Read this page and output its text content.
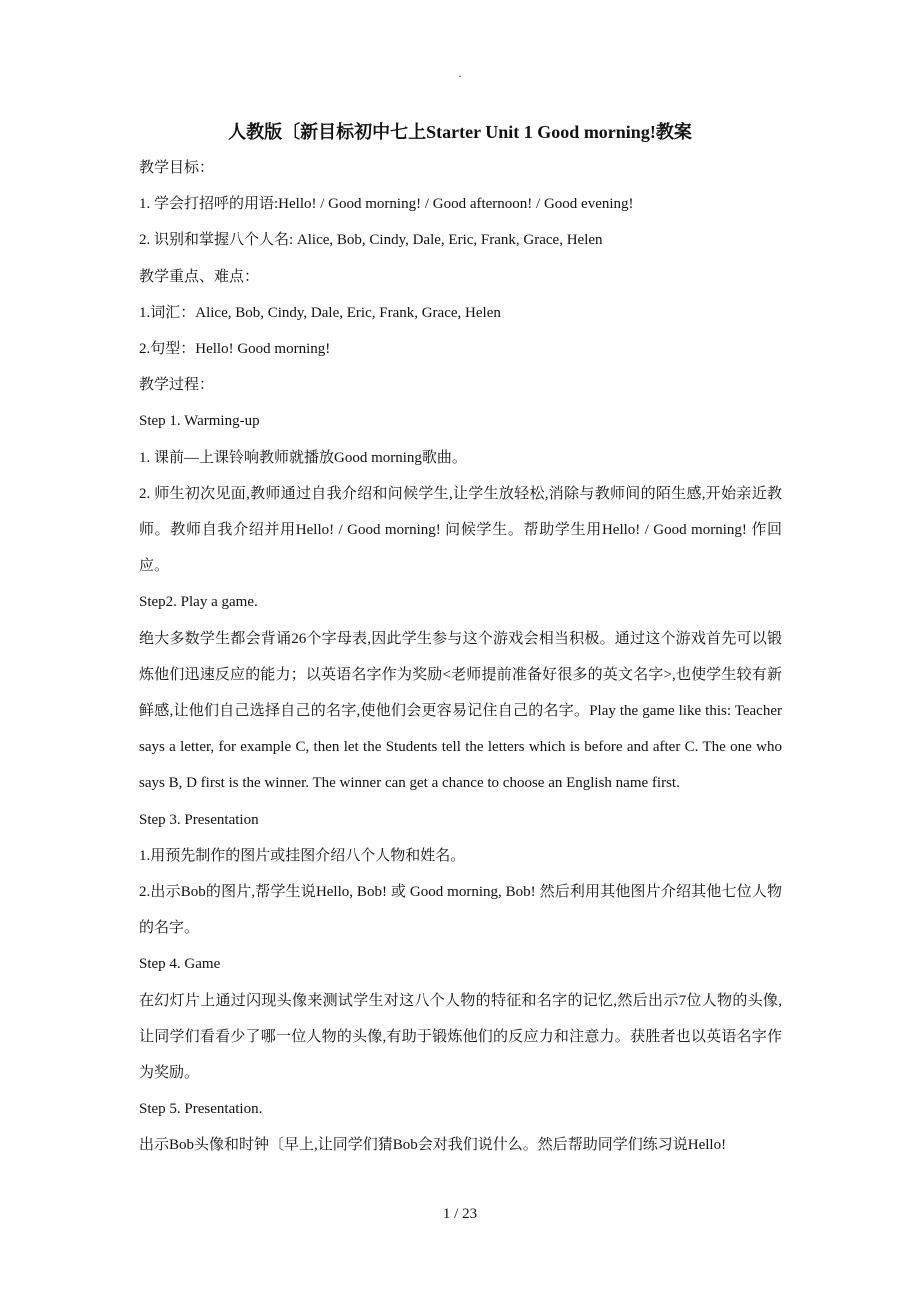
.
人教版〔新目标初中七上Starter Unit 1 Good morning!教案

教学目标：

1. 学会打招呼的用语:Hello! / Good morning! / Good afternoon! / Good evening!

2. 识别和掌握八个人名: Alice, Bob, Cindy, Dale, Eric, Frank, Grace, Helen

教学重点、难点：

1.词汇：Alice, Bob, Cindy, Dale, Eric, Frank, Grace, Helen

2.句型：Hello! Good morning!

教学过程：

Step 1. Warming-up

1. 课前—上课铃响教师就播放Good morning歌曲。

2. 师生初次见面,教师通过自我介绍和问候学生,让学生放轻松,消除与教师间的陌生感,开始亲近教师。教师自我介绍并用Hello! / Good morning! 问候学生。帮助学生用Hello! / Good morning! 作回应。

Step2. Play a game.

绝大多数学生都会背诵26个字母表,因此学生参与这个游戏会相当积极。通过这个游戏首先可以锻炼他们迅速反应的能力；以英语名字作为奖励<老师提前准备好很多的英文名字>,也使学生较有新鲜感,让他们自己选择自己的名字,使他们会更容易记住自己的名字。Play the game like this: Teacher says a letter, for example C, then let the Students tell the letters which is before and after C. The one who says B, D first is the winner. The winner can get a chance to choose an English name first.

Step 3. Presentation

1.用预先制作的图片或挂图介绍八个人物和姓名。

2.出示Bob的图片,帮学生说Hello, Bob! 或 Good morning, Bob! 然后利用其他图片介绍其他七位人物的名字。

Step 4. Game

在幻灯片上通过闪现头像来测试学生对这八个人物的特征和名字的记忆,然后出示7位人物的头像,让同学们看看少了哪一位人物的头像,有助于锻炼他们的反应力和注意力。获胜者也以英语名字作为奖励。

Step 5. Presentation.

出示Bob头像和时钟〔早上,让同学们猜Bob会对我们说什么。然后帮助同学们练习说Hello!

1 / 23
